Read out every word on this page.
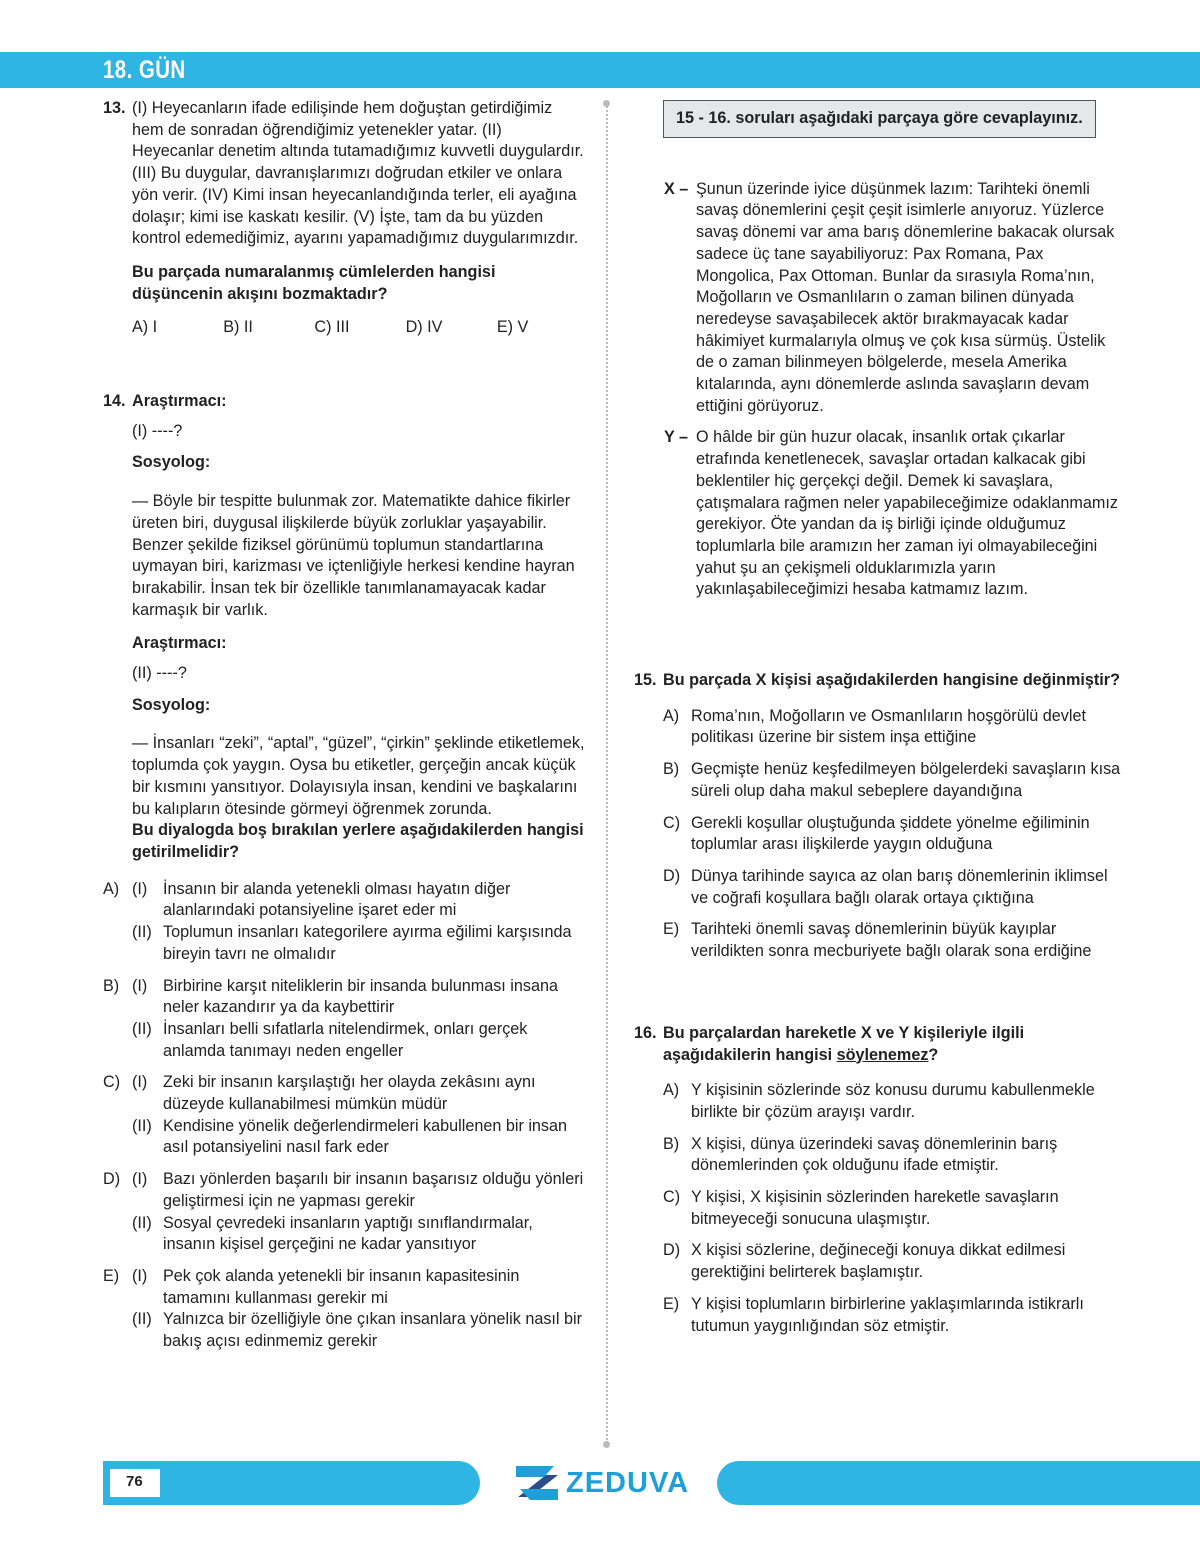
18. GÜN
13. (I) Heyecanların ifade edilişinde hem doğuştan getirdiğimiz hem de sonradan öğrendiğimiz yetenekler yatar. (II) Heyecanlar denetim altında tutamadığımız kuvvetli duygulardır. (III) Bu duygular, davranışlarımızı doğrudan etkiler ve onlara yön verir. (IV) Kimi insan heyecanlandığında terler, eli ayağına dolaşır; kimi ise kaskatı kesilir. (V) İşte, tam da bu yüzden kontrol edemediğimiz, ayarını yapamadığımız duygularımızdır.
Bu parçada numaralanmış cümlelerden hangisi düşüncenin akışını bozmaktadır?
A) I	B) II	C) III	D) IV	E) V
14. Araştırmacı:
(I) ----?
Sosyolog:
— Böyle bir tespitte bulunmak zor. Matematikte dahice fikirler üreten biri, duygusal ilişkilerde büyük zorluklar yaşayabilir. Benzer şekilde fiziksel görünümü toplumun standartlarına uymayan biri, karizması ve içtenliğiyle herkesi kendine hayran bırakabilir. İnsan tek bir özellikle tanımlanamayacak kadar karmaşık bir varlık.
Araştırmacı:
(II) ----?
Sosyolog:
— İnsanları “zeki”, “aptal”, “güzel”, “çirkin” şeklinde etiketlemek, toplumda çok yaygın. Oysa bu etiketler, gerçeğin ancak küçük bir kısmını yansıtıyor. Dolayısıyla insan, kendini ve başkalarını bu kalıpların ötesinde görmeyi öğrenmek zorunda.
Bu diyalogda boş bırakılan yerlere aşağıdakilerden hangisi getirilmelidir?
A) (I) İnsanın bir alanda yetenekli olması hayatın diğer alanlarındaki potansiyeline işaret eder mi
(II) Toplumun insanları kategorilere ayırma eğilimi karşısında bireyin tavrı ne olmalıdır
B) (I) Birbirine karşıt niteliklerin bir insanda bulunması insana neler kazandırır ya da kaybettirir
(II) İnsanları belli sıfatlarla nitelendirmek, onları gerçek anlamda tanımayı neden engeller
C) (I) Zeki bir insanın karşılaştığı her olayda zekâsını aynı düzeyde kullanabilmesi mümkün müdür
(II) Kendisine yönelik değerlendirmeleri kabullenen bir insan asıl potansiyelini nasıl fark eder
D) (I) Bazı yönlerden başarılı bir insanın başarısız olduğu yönleri geliştirmesi için ne yapması gerekir
(II) Sosyal çevredeki insanların yaptığı sınıflandırmalar, insanın kişisel gerçeğini ne kadar yansıtıyor
E) (I) Pek çok alanda yetenekli bir insanın kapasitesinin tamamını kullanması gerekir mi
(II) Yalnızca bir özelliğiyle öne çıkan insanlara yönelik nasıl bir bakış açısı edinmemiz gerekir
15 - 16. soruları aşağıdaki parçaya göre cevaplayınız.
X – Şunun üzerinde iyice düşünmek lazım: Tarihteki önemli savaş dönemlerini çeşit çeşit isimlerle anıyoruz. Yüzlerce savaş dönemi var ama barış dönemlerine bakacak olursak sadece üç tane sayabiliyoruz: Pax Romana, Pax Mongolica, Pax Ottoman. Bunlar da sırasıyla Roma’nın, Moğolların ve Osmanlıların o zaman bilinen dünyada neredeyse savaşabilecek aktör bırakmayacak kadar hâkimiyet kurmalarıyla olmuş ve çok kısa sürmüş. Üstelik de o zaman bilinmeyen bölgelerde, mesela Amerika kıtalarında, aynı dönemlerde aslında savaşların devam ettiğini görüyoruz.
Y – O hâlde bir gün huzur olacak, insanlık ortak çıkarlar etrafında kenetlenecek, savaşlar ortadan kalkacak gibi beklentiler hiç gerçekçi değil. Demek ki savaşlara, çatışmalara rağmen neler yapabileceğimize odaklanmamız gerekiyor. Öte yandan da iş birliği içinde olduğumuz toplumlarla bile aramızın her zaman iyi olmayabileceğini yahut şu an çekişmeli olduklarımızla yarın yakınlaşabileceğimizi hesaba katmamız lazım.
15. Bu parçada X kişisi aşağıdakilerden hangisine değinmiştir?
A) Roma’nın, Moğolların ve Osmanlıların hoşgörülü devlet politikası üzerine bir sistem inşa ettiğine
B) Geçmişte henüz keşfedilmeyen bölgelerdeki savaşların kısa süreli olup daha makul sebeplere dayandığına
C) Gerekli koşullar oluştuğunda şiddete yönelme eğiliminin toplumlar arası ilişkilerde yaygın olduğuna
D) Dünya tarihinde sayıca az olan barış dönemlerinin iklimsel ve coğrafi koşullara bağlı olarak ortaya çıktığına
E) Tarihteki önemli savaş dönemlerinin büyük kayıplar verildikten sonra mecburiyete bağlı olarak sona erdiğine
16. Bu parçalardan hareketle X ve Y kişileriyle ilgili aşağıdakilerin hangisi söylenemez?
A) Y kişisinin sözlerinde söz konusu durumu kabullenmekle birlikte bir çözüm arayışı vardır.
B) X kişisi, dünya üzerindeki savaş dönemlerinin barış dönemlerinden çok olduğunu ifade etmiştir.
C) Y kişisi, X kişisinin sözlerinden hareketle savaşların bitmeyeceği sonucuna ulaşmıştır.
D) X kişisi sözlerine, değineceği konuya dikkat edilmesi gerektiğini belirterek başlamıştır.
E) Y kişisi toplumların birbirlerine yaklaşımlarında istikrarlı tutumun yaygınlığından söz etmiştir.
76	ZEDUVA
